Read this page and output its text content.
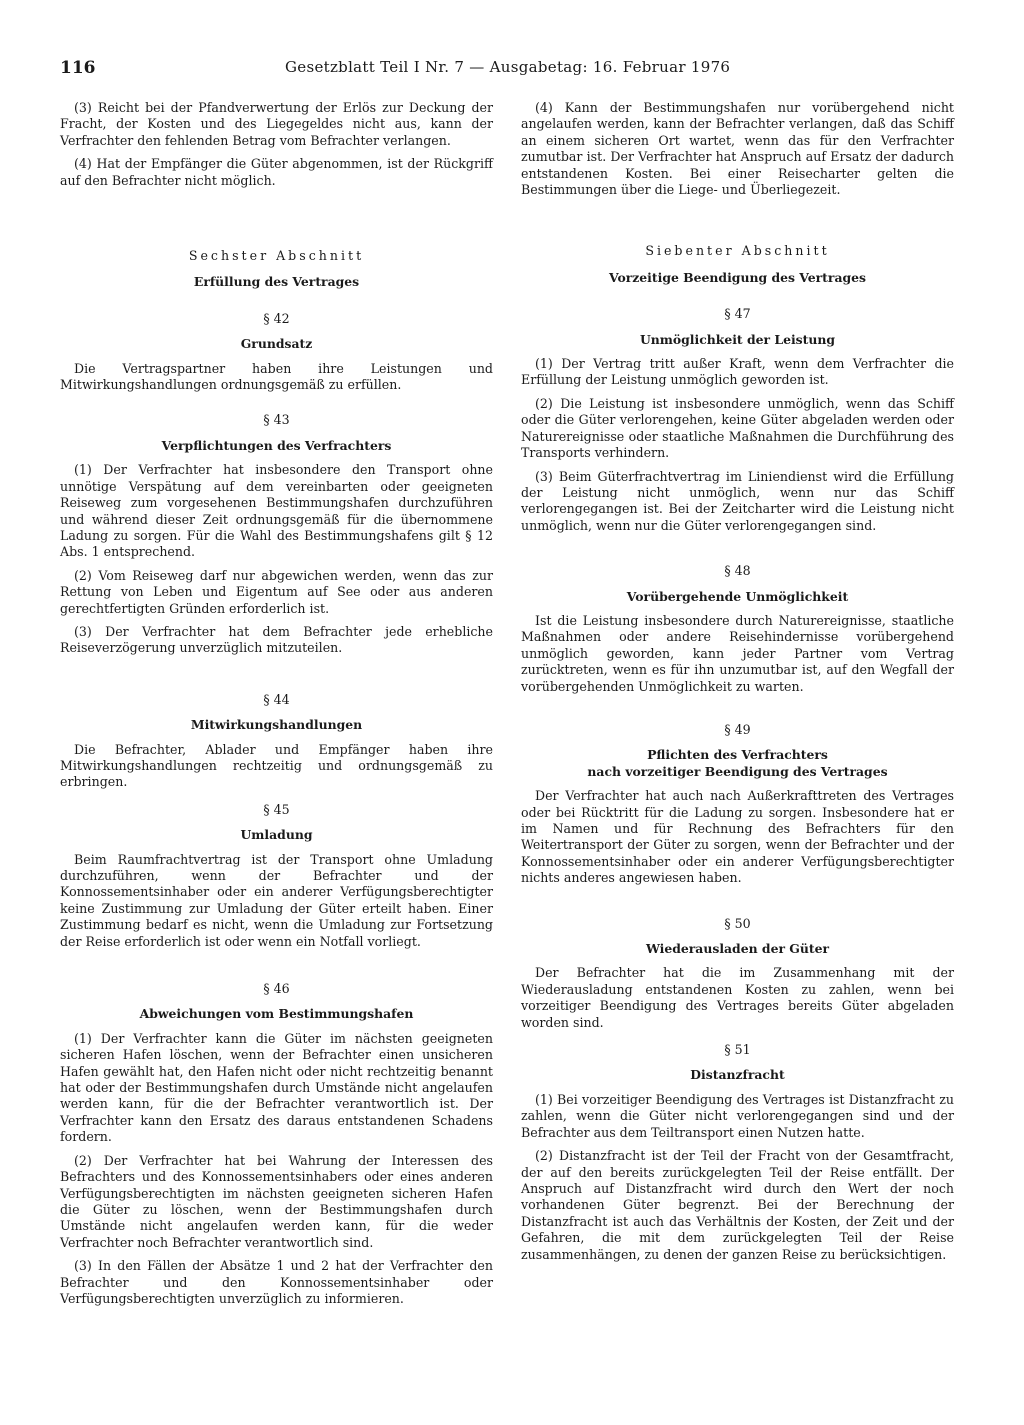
116	Gesetzblatt Teil I Nr. 7 — Ausgabetag: 16. Februar 1976

(3) Reicht bei der Pfandverwertung der Erlös zur Deckung der Fracht, der Kosten und des Liegegeldes nicht aus, kann der Verfrachter den fehlenden Betrag vom Befrachter verlangen.

(4) Hat der Empfänger die Güter abgenommen, ist der Rückgriff auf den Befrachter nicht möglich.

Sechster Abschnitt
Erfüllung des Vertrages
§ 42
Grundsatz

Die Vertragspartner haben ihre Leistungen und Mitwirkungshandlungen ordnungsgemäß zu erfüllen.

§ 43
Verpflichtungen des Verfrachters

(1) Der Verfrachter hat insbesondere den Transport ohne unnötige Verspätung auf dem vereinbarten oder geeigneten Reiseweg zum vorgesehenen Bestimmungshafen durchzuführen und während dieser Zeit ordnungsgemäß für die übernommene Ladung zu sorgen. Für die Wahl des Bestimmungshafens gilt § 12 Abs. 1 entsprechend.

(2) Vom Reiseweg darf nur abgewichen werden, wenn das zur Rettung von Leben und Eigentum auf See oder aus anderen gerechtfertigten Gründen erforderlich ist.

(3) Der Verfrachter hat dem Befrachter jede erhebliche Reiseverzögerung unverzüglich mitzuteilen.

§ 44
Mitwirkungshandlungen

Die Befrachter, Ablader und Empfänger haben ihre Mitwirkungshandlungen rechtzeitig und ordnungsgemäß zu erbringen.

§ 45
Umladung

Beim Raumfrachtvertrag ist der Transport ohne Umladung durchzuführen, wenn der Befrachter und der Konnossementsinhaber oder ein anderer Verfügungsberechtigter keine Zustimmung zur Umladung der Güter erteilt haben. Einer Zustimmung bedarf es nicht, wenn die Umladung zur Fortsetzung der Reise erforderlich ist oder wenn ein Notfall vorliegt.

§ 46
Abweichungen vom Bestimmungshafen

(1) Der Verfrachter kann die Güter im nächsten geeigneten sicheren Hafen löschen, wenn der Befrachter einen unsicheren Hafen gewählt hat, den Hafen nicht oder nicht rechtzeitig benannt hat oder der Bestimmungshafen durch Umstände nicht angelaufen werden kann, für die der Befrachter verantwortlich ist. Der Verfrachter kann den Ersatz des daraus entstandenen Schadens fordern.

(2) Der Verfrachter hat bei Wahrung der Interessen des Befrachters und des Konnossementsinhabers oder eines anderen Verfügungsberechtigten im nächsten geeigneten sicheren Hafen die Güter zu löschen, wenn der Bestimmungshafen durch Umstände nicht angelaufen werden kann, für die weder Verfrachter noch Befrachter verantwortlich sind.

(3) In den Fällen der Absätze 1 und 2 hat der Verfrachter den Befrachter und den Konnossementsinhaber oder Verfügungsberechtigten unverzüglich zu informieren.

(4) Kann der Bestimmungshafen nur vorübergehend nicht angelaufen werden, kann der Befrachter verlangen, daß das Schiff an einem sicheren Ort wartet, wenn das für den Verfrachter zumutbar ist. Der Verfrachter hat Anspruch auf Ersatz der dadurch entstandenen Kosten. Bei einer Reisecharter gelten die Bestimmungen über die Liege- und Überliegezeit.

Siebenter Abschnitt
Vorzeitige Beendigung des Vertrages
§ 47
Unmöglichkeit der Leistung

(1) Der Vertrag tritt außer Kraft, wenn dem Verfrachter die Erfüllung der Leistung unmöglich geworden ist.

(2) Die Leistung ist insbesondere unmöglich, wenn das Schiff oder die Güter verlorengehen, keine Güter abgeladen werden oder Naturereignisse oder staatliche Maßnahmen die Durchführung des Transports verhindern.

(3) Beim Güterfrachtvertrag im Liniendienst wird die Erfüllung der Leistung nicht unmöglich, wenn nur das Schiff verlorengegangen ist. Bei der Zeitcharter wird die Leistung nicht unmöglich, wenn nur die Güter verlorengegangen sind.

§ 48
Vorübergehende Unmöglichkeit

Ist die Leistung insbesondere durch Naturereignisse, staatliche Maßnahmen oder andere Reisehindernisse vorübergehend unmöglich geworden, kann jeder Partner vom Vertrag zurücktreten, wenn es für ihn unzumutbar ist, auf den Wegfall der vorübergehenden Unmöglichkeit zu warten.

§ 49
Pflichten des Verfrachters
nach vorzeitiger Beendigung des Vertrages

Der Verfrachter hat auch nach Außerkrafttreten des Vertrages oder bei Rücktritt für die Ladung zu sorgen. Insbesondere hat er im Namen und für Rechnung des Befrachters für den Weitertransport der Güter zu sorgen, wenn der Befrachter und der Konnossementsinhaber oder ein anderer Verfügungsberechtigter nichts anderes angewiesen haben.

§ 50
Wiederausladen der Güter

Der Befrachter hat die im Zusammenhang mit der Wiederausladung entstandenen Kosten zu zahlen, wenn bei vorzeitiger Beendigung des Vertrages bereits Güter abgeladen worden sind.

§ 51
Distanzfracht

(1) Bei vorzeitiger Beendigung des Vertrages ist Distanzfracht zu zahlen, wenn die Güter nicht verlorengegangen sind und der Befrachter aus dem Teiltransport einen Nutzen hatte.

(2) Distanzfracht ist der Teil der Fracht von der Gesamtfracht, der auf den bereits zurückgelegten Teil der Reise entfällt. Der Anspruch auf Distanzfracht wird durch den Wert der noch vorhandenen Güter begrenzt. Bei der Berechnung der Distanzfracht ist auch das Verhältnis der Kosten, der Zeit und der Gefahren, die mit dem zurückgelegten Teil der Reise zusammenhängen, zu denen der ganzen Reise zu berücksichtigen.
